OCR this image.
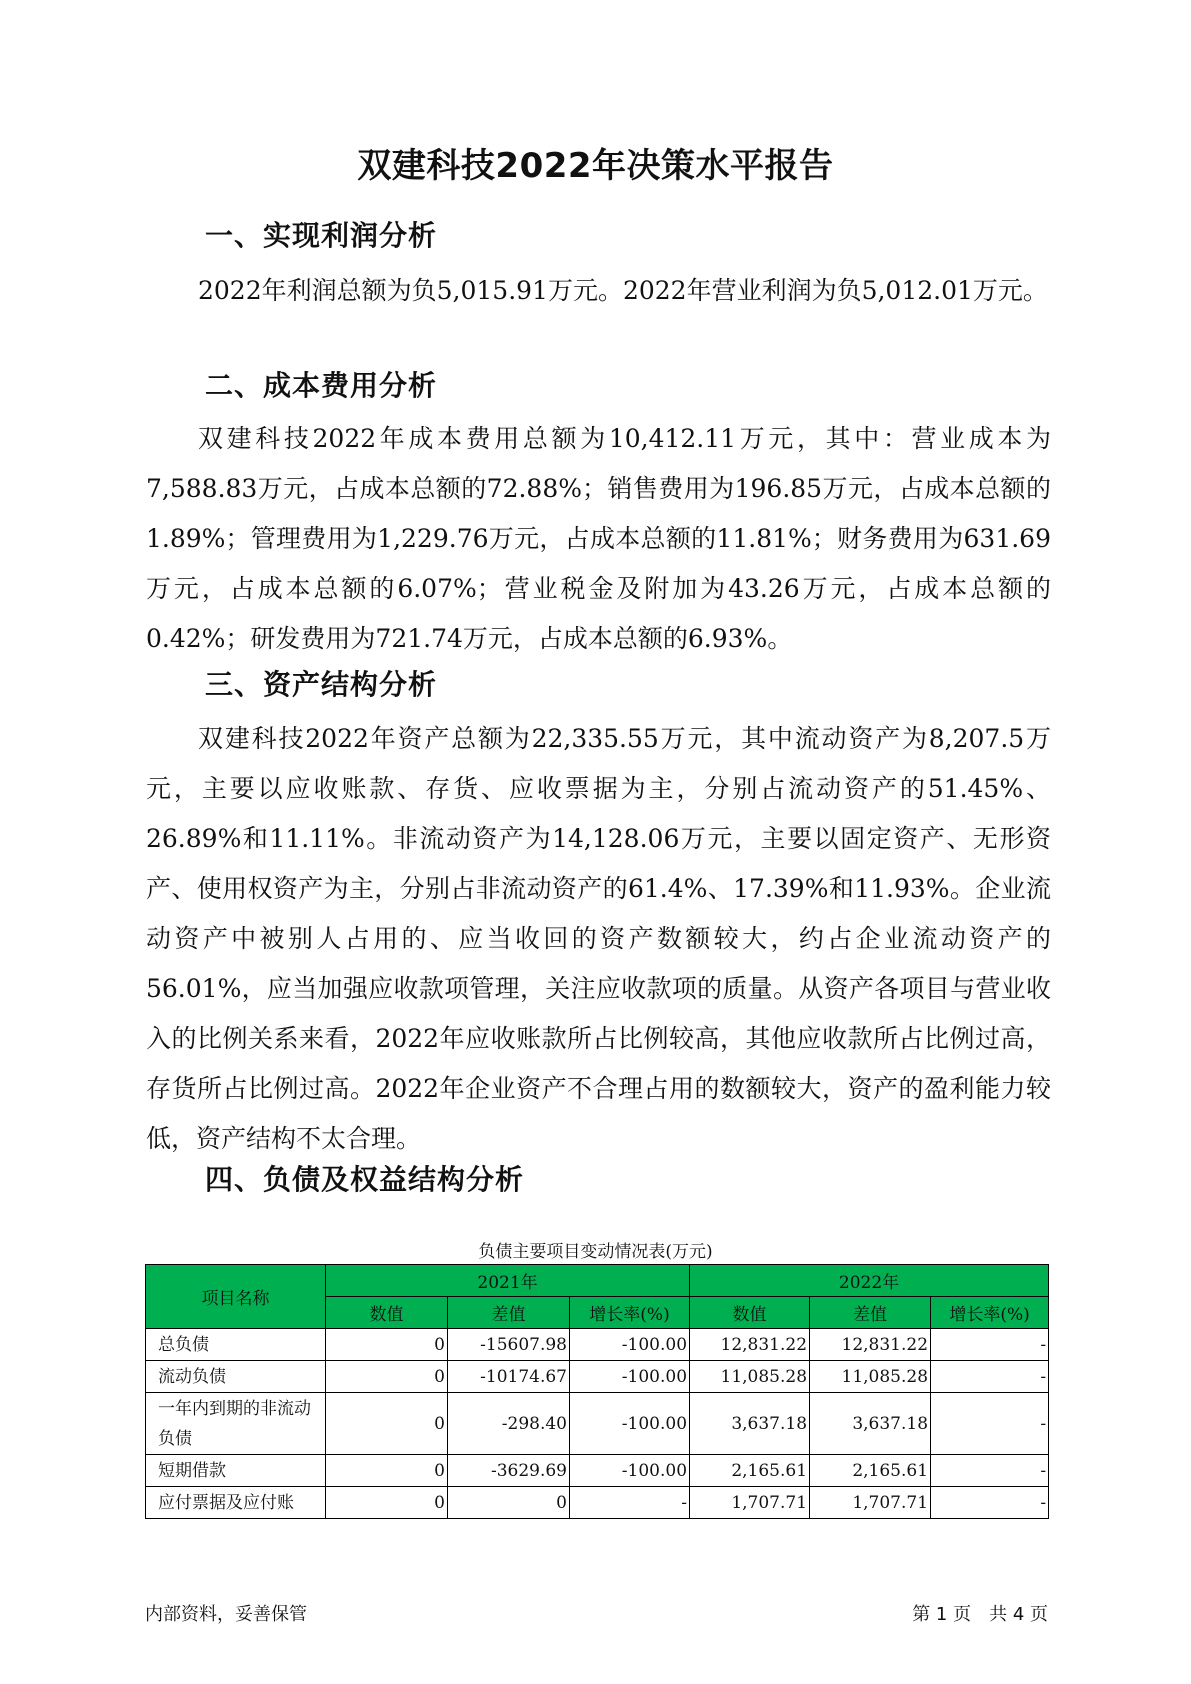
双建科技2022年决策水平报告
一、实现利润分析

2022年利润总额为负5,015.91万元。2022年营业利润为负5,012.01万元。

二、成本费用分析

双建科技2022年成本费用总额为10,412.11万元，其中：营业成本为7,588.83万元，占成本总额的72.88%；销售费用为196.85万元，占成本总额的1.89%；管理费用为1,229.76万元，占成本总额的11.81%；财务费用为631.69万元，占成本总额的6.07%；营业税金及附加为43.26万元，占成本总额的0.42%；研发费用为721.74万元，占成本总额的6.93%。

三、资产结构分析

双建科技2022年资产总额为22,335.55万元，其中流动资产为8,207.5万元，主要以应收账款、存货、应收票据为主，分别占流动资产的51.45%、26.89%和11.11%。非流动资产为14,128.06万元，主要以固定资产、无形资产、使用权资产为主，分别占非流动资产的61.4%、17.39%和11.93%。企业流动资产中被别人占用的、应当收回的资产数额较大，约占企业流动资产的56.01%，应当加强应收款项管理，关注应收款项的质量。从资产各项目与营业收入的比例关系来看，2022年应收账款所占比例较高，其他应收款所占比例过高，存货所占比例过高。2022年企业资产不合理占用的数额较大，资产的盈利能力较低，资产结构不太合理。

四、负债及权益结构分析
负债主要项目变动情况表(万元)
项目名称	2021年			2022年		
	数值	差值	增长率(%)	数值	差值	增长率(%)
总负债	0	-15607.98	-100.00	12,831.22	12,831.22	-
流动负债	0	-10174.67	-100.00	11,085.28	11,085.28	-
一年内到期的非流动负债	0	-298.40	-100.00	3,637.18	3,637.18	-
短期借款	0	-3629.69	-100.00	2,165.61	2,165.61	-
应付票据及应付账	0	0	-	1,707.71	1,707.71	-
内部资料，妥善保管	第 1 页　共 4 页
